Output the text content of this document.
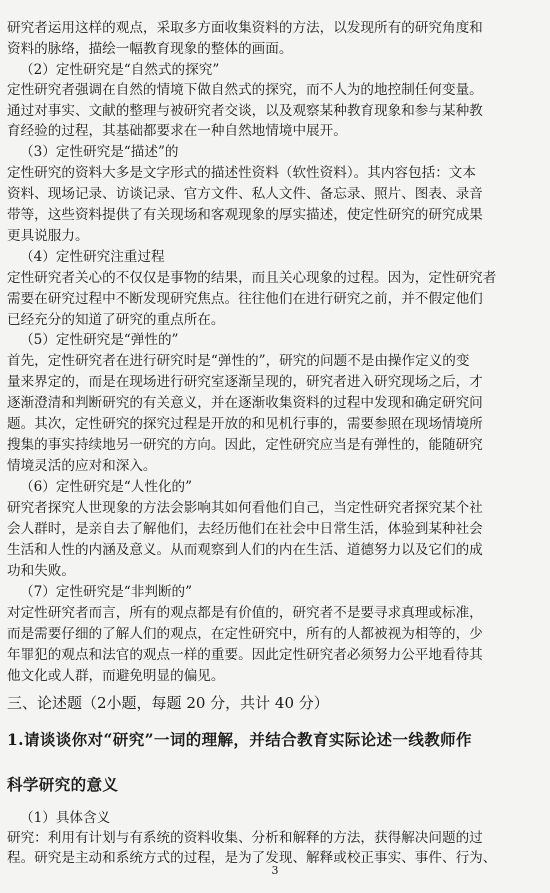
研究者运用这样的观点，采取多方面收集资料的方法，以发现所有的研究角度和
资料的脉络，描绘一幅教育现象的整体的画面。
（2）定性研究是“自然式的探究”
定性研究者强调在自然的情境下做自然式的探究，而不人为的地控制任何变量。
通过对事实、文献的整理与被研究者交谈，以及观察某种教育现象和参与某种教
育经验的过程，其基础都要求在一种自然地情境中展开。
（3）定性研究是“描述”的
定性研究的资料大多是文字形式的描述性资料（软性资料）。其内容包括：文本
资料、现场记录、访谈记录、官方文件、私人文件、备忘录、照片、图表、录音
带等，这些资料提供了有关现场和客观现象的厚实描述，使定性研究的研究成果
更具说服力。
（4）定性研究注重过程
定性研究者关心的不仅仅是事物的结果，而且关心现象的过程。因为，定性研究者
需要在研究过程中不断发现研究焦点。往往他们在进行研究之前，并不假定他们
已经充分的知道了研究的重点所在。
（5）定性研究是“弹性的”
首先，定性研究者在进行研究时是“弹性的”，研究的问题不是由操作定义的变
量来界定的，而是在现场进行研究室逐渐呈现的，研究者进入研究现场之后，才
逐渐澄清和判断研究的有关意义，并在逐渐收集资料的过程中发现和确定研究问
题。其次，定性研究的探究过程是开放的和见机行事的，需要参照在现场情境所
搜集的事实持续地另一研究的方向。因此，定性研究应当是有弹性的，能随研究
情境灵活的应对和深入。
（6）定性研究是“人性化的”
研究者探究人世现象的方法会影响其如何看他们自己，当定性研究者探究某个社
会人群时，是亲自去了解他们，去经历他们在社会中日常生活，体验到某种社会
生活和人性的内涵及意义。从而观察到人们的内在生活、道德努力以及它们的成
功和失败。
（7）定性研究是“非判断的”
对定性研究者而言，所有的观点都是有价值的，研究者不是要寻求真理或标准，
而是需要仔细的了解人们的观点，在定性研究中，所有的人都被视为相等的，少
年罪犯的观点和法官的观点一样的重要。因此定性研究者必须努力公平地看待其
他文化或人群，而避免明显的偏见。
三、论述题（2小题，每题 20 分，共计 40 分）
1.请谈谈你对“研究”一词的理解，并结合教育实际论述一线教师作
科学研究的意义
（1）具体含义
研究：利用有计划与有系统的资料收集、分析和解释的方法，获得解决问题的过
程。研究是主动和系统方式的过程，是为了发现、解释或校正事实、事件、行为、
3
